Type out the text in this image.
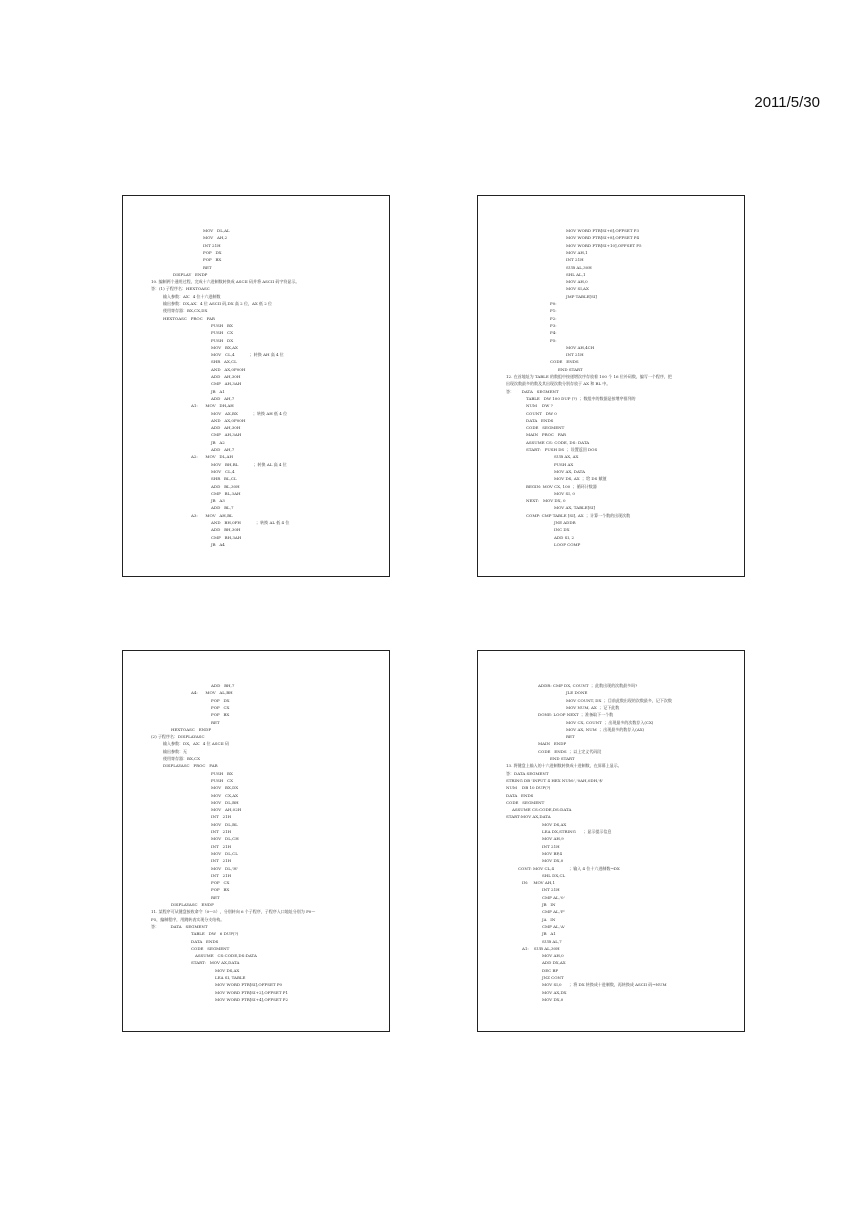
2011/5/30
MOV   DL,AL
MOV   AH,2
INT 21H
POP   DX
POP   BX
RET
DISPLAY   ENDP
10. 编制两个通用过程，完成十六进制数转换成 ASCII 码并将 ASCII 码字符显示。
答：(1) 子程序名：HEXTOASC
输入参数：AX：4 位十六进制数
输出参数：DX,AX：4 位 ASCII 码,DX 高 2 位，AX 低 2 位
使用寄存器：BX,CX,DX
HEXTOASC   PROC   FAR
PUSH   BX
PUSH   CX
PUSH   DX
MOV   BX,AX
MOV   CL,4            ；转换 AH 高 4 位
SHR   AX,CL
AND   AX,0F00H
ADD   AH,30H
CMP   AH,3AH
JB   A1
ADD   AH,7
A1:      MOV   DH,AH
MOV   AX,BX            ；转换 AH 低 4 位
AND   AX,0F00H
ADD   AH,30H
CMP   AH,3AH
JB   A2
ADD   AH,7
A2:      MOV   DL,AH
MOV   BH,BL            ；转换 AL 高 4 位
MOV   CL,4
SHR   BL,CL
ADD   BL,30H
CMP   BL,3AH
JB   A3
ADD   BL,7
A3:      MOV   AH,BL
AND   BH,0FH            ；转换 AL 低 4 位
ADD   BH,30H
CMP   BH,3AH
JB   A4
MOV WORD PTR[SI+6],OFFSET P3
MOV WORD PTR[SI+8],OFFSET P4
MOV WORD PTR[SI+10],OFFSET P5
MOV AH,1
INT 21H
SUB AL,30H
SHL AL,1
MOV AH,0
MOV SI,AX
JMP TABLE[SI]
P0:
P1:
P2:
P3:
P4:
P5:
MOV AH,4CH
INT 21H
CODE   ENDS
END START
12. 在首地址为 TABLE 的数组中按递增次序存放着 100 个 16 位补码数，编写一个程序，把
出现次数最多的数及其出现次数分别存放于 AX 和 BL 中。
答：      DATA   SEGMENT
TABLE   DW 100 DUP (?)  ；数组中的数据是按增序排列的
NUM    DW ?
COUNT   DW 0
DATA   ENDS
CODE   SEGMENT
MAIN   PROC   FAR
ASSUME CS: CODE, DS: DATA
START:   PUSH DS  ；设置返回 DOS
SUB AX, AX
PUSH AX
MOV AX, DATA
MOV DS, AX  ；给 DS 赋值
BEGIN: MOV CX, 100  ；循环计数器
MOV SI, 0
NEXT:   MOV DX, 0
MOV AX, TABLE[SI]
COMP: CMP TABLE [SI], AX  ；计算一个数的出现次数
JNE ADDR
INC DX
ADD SI, 2
LOOP COMP
ADD   BH,7
A4:      MOV   AL,BH
POP   DX
POP   CX
POP   BX
RET
HEXTOASC   ENDP
(2) 子程序名：DISPLAYASC
输入参数：DX，AX：4 位 ASCII 码
输出参数：无
使用寄存器：BX,CX
DISPLAYASC   PROC   FAR
PUSH   BX
PUSH   CX
MOV   BX,DX
MOV   CX,AX
MOV   DL,BH
MOV   AH,02H
INT   21H
MOV   DL,BL
INT   21H
MOV   DL,CH
INT   21H
MOV   DL,CL
INT   21H
MOV   DL,'H'
INT   21H
POP   CX
POP   BX
RET
DISPLAYASC   ENDP
11. 某程序可从键盘接收命令（0～5），分别转向 6 个子程序，子程序入口地址分别为 P0～
P5，编制程序，用跳转表实现分支结构。
答：         DATA   SEGMENT
TABLE   DW   6 DUP(?)
DATA   ENDS
CODE   SEGMENT
ASSUME   CS:CODE,DS:DATA
START:   MOV AX,DATA
MOV DS,AX
LEA SI, TABLE
MOV WORD PTR[SI],OFFSET P0
MOV WORD PTR[SI+2],OFFSET P1
MOV WORD PTR[SI+4],OFFSET P2
ADDR: CMP DX, COUNT  ；此数出现的次数最多吗?
JLE DONE
MOV COUNT, DX  ；目前此数出现的次数最多，记下次数
MOV NUM, AX  ；记下此数
DONE: LOOP NEXT  ；准备取下一个数
MOV CX, COUNT  ；出现最多的次数存入(CX)
MOV AX, NUM  ；出现最多的数存入(AX)
RET
MAIN   ENDP
CODE   ENDS  ；以上定义代码段
END START
13. 将键盘上输入的十六进制数转换成十进制数，在屏幕上显示。
答：DATA SEGMENT
STRING DB 'INPUT 4 HEX NUM:','0AH,0DH,'$'
NUM    DB 10 DUP(?)
DATA   ENDS
CODE   SEGMENT
ASSUME CS:CODE,DS:DATA
START:MOV AX,DATA
MOV DS,AX
LEA DX,STRING      ；显示提示信息
MOV AH,9
INT 21H
MOV BP,4
MOV DX,0
CONT: MOV CL,4            ；输入 4 位十六进制数→DX
SHL DX,CL
IN:    MOV AH,1
INT 21H
CMP AL,'0'
JB   IN
CMP AL,'F'
JA   IN
CMP AL,'A'
JB   A1
SUB AL,7
A1:    SUB AL,30H
MOV AH,0
ADD DX,AX
DEC BP
JNZ CONT
MOV SI,0      ；将 DX 转换成十进制数，再转换成 ASCII 码→NUM
MOV AX,DX
MOV DX,0
